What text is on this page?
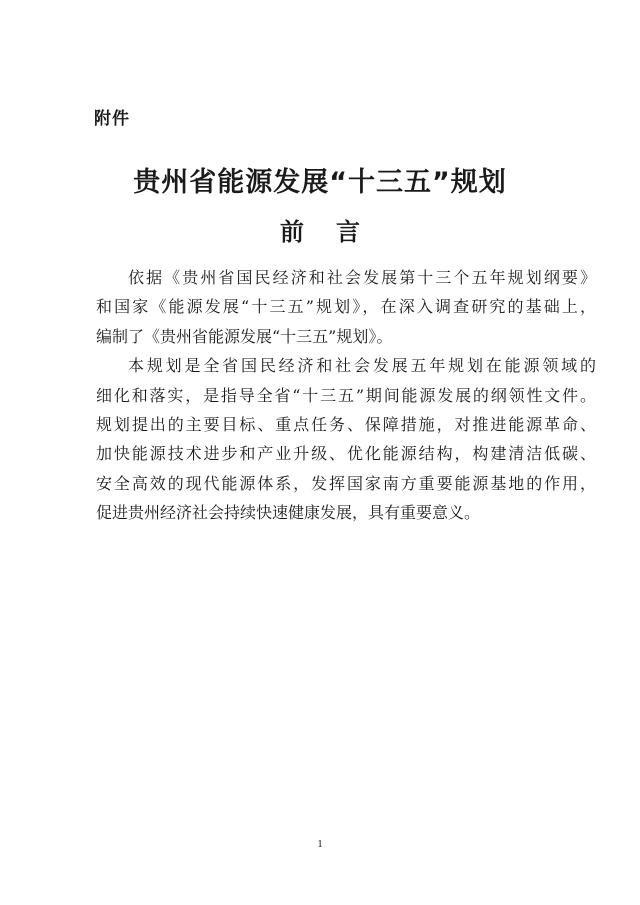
附件
贵州省能源发展“十三五”规划
前言
依据《贵州省国民经济和社会发展第十三个五年规划纲要》
和国家《能源发展“十三五”规划》，在深入调查研究的基础上，
编制了《贵州省能源发展“十三五”规划》。
本规划是全省国民经济和社会发展五年规划在能源领域的
细化和落实，是指导全省“十三五”期间能源发展的纲领性文件。
规划提出的主要目标、重点任务、保障措施，对推进能源革命、
加快能源技术进步和产业升级、优化能源结构，构建清洁低碳、
安全高效的现代能源体系，发挥国家南方重要能源基地的作用，
促进贵州经济社会持续快速健康发展，具有重要意义。
1
